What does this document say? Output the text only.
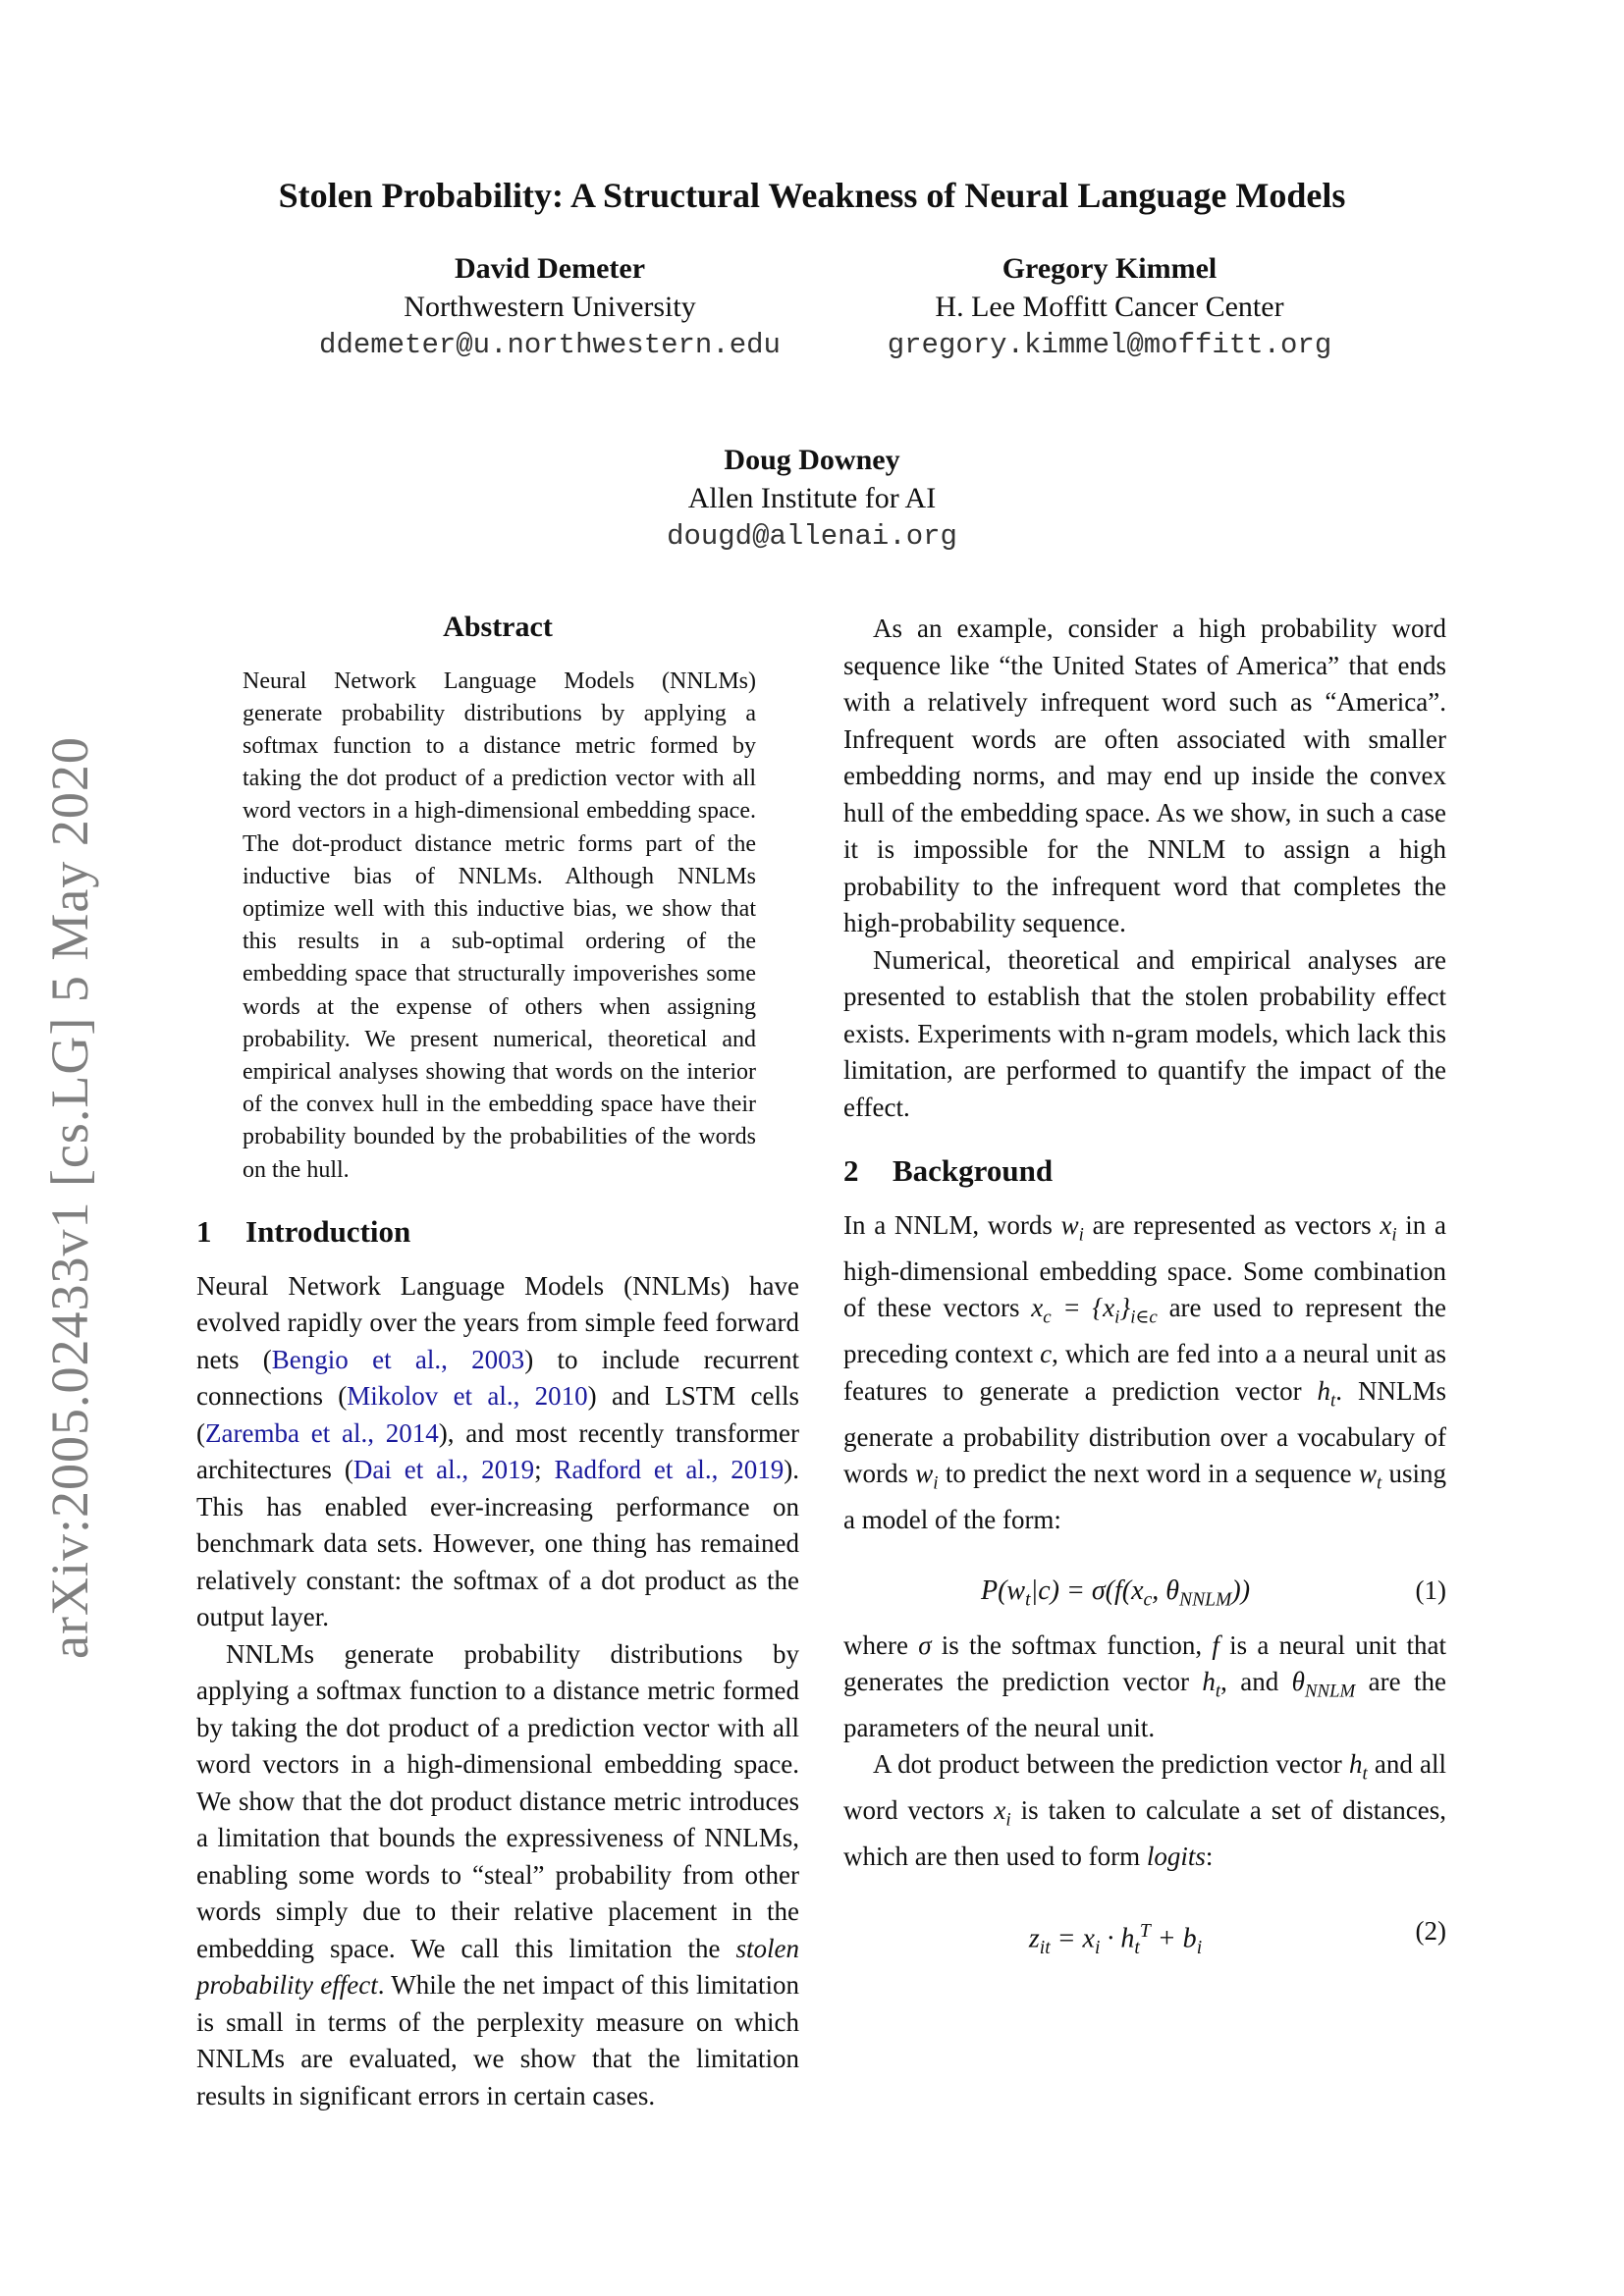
arXiv:2005.02433v1 [cs.LG] 5 May 2020
Stolen Probability: A Structural Weakness of Neural Language Models
David Demeter
Northwestern University
ddemeter@u.northwestern.edu
Gregory Kimmel
H. Lee Moffitt Cancer Center
gregory.kimmel@moffitt.org
Doug Downey
Allen Institute for AI
dougd@allenai.org
Abstract

Neural Network Language Models (NNLMs) generate probability distributions by applying a softmax function to a distance metric formed by taking the dot product of a prediction vector with all word vectors in a high-dimensional embedding space. The dot-product distance metric forms part of the inductive bias of NNLMs. Although NNLMs optimize well with this inductive bias, we show that this results in a sub-optimal ordering of the embedding space that structurally impoverishes some words at the expense of others when assigning probability. We present numerical, theoretical and empirical analyses showing that words on the interior of the convex hull in the embedding space have their probability bounded by the probabilities of the words on the hull.

1 Introduction

Neural Network Language Models (NNLMs) have evolved rapidly over the years from simple feed forward nets (Bengio et al., 2003) to include recurrent connections (Mikolov et al., 2010) and LSTM cells (Zaremba et al., 2014), and most recently transformer architectures (Dai et al., 2019; Radford et al., 2019). This has enabled ever-increasing performance on benchmark data sets. However, one thing has remained relatively constant: the softmax of a dot product as the output layer.

NNLMs generate probability distributions by applying a softmax function to a distance metric formed by taking the dot product of a prediction vector with all word vectors in a high-dimensional embedding space. We show that the dot product distance metric introduces a limitation that bounds the expressiveness of NNLMs, enabling some words to “steal” probability from other words simply due to their relative placement in the embedding space. We call this limitation the stolen probability effect. While the net impact of this limitation is small in terms of the perplexity measure on which NNLMs are evaluated, we show that the limitation results in significant errors in certain cases.

As an example, consider a high probability word sequence like “the United States of America” that ends with a relatively infrequent word such as “America”. Infrequent words are often associated with smaller embedding norms, and may end up inside the convex hull of the embedding space. As we show, in such a case it is impossible for the NNLM to assign a high probability to the infrequent word that completes the high-probability sequence.

Numerical, theoretical and empirical analyses are presented to establish that the stolen probability effect exists. Experiments with n-gram models, which lack this limitation, are performed to quantify the impact of the effect.

2 Background

In a NNLM, words $w_i$ are represented as vectors $x_i$ in a high-dimensional embedding space. Some combination of these vectors $x_c = \{x_i\}_{i\in c}$ are used to represent the preceding context c, which are fed into a a neural unit as features to generate a prediction vector $h_t$. NNLMs generate a probability distribution over a vocabulary of words $w_i$ to predict the next word in a sequence $w_t$ using a model of the form:

$P(w_t|c) = \sigma(f(x_c$, $\theta_{NNLM}$))	(1)

where σ is the softmax function, f is a neural unit that generates the prediction vector $h_t$, and $\theta_{NNLM}$ are the parameters of the neural unit.

A dot product between the prediction vector $h_t$ and all word vectors $x_i$ is taken to calculate a set of distances, which are then used to form logits:

$z_{it} = x_i \cdot h_t^T + b_i$
(2)
